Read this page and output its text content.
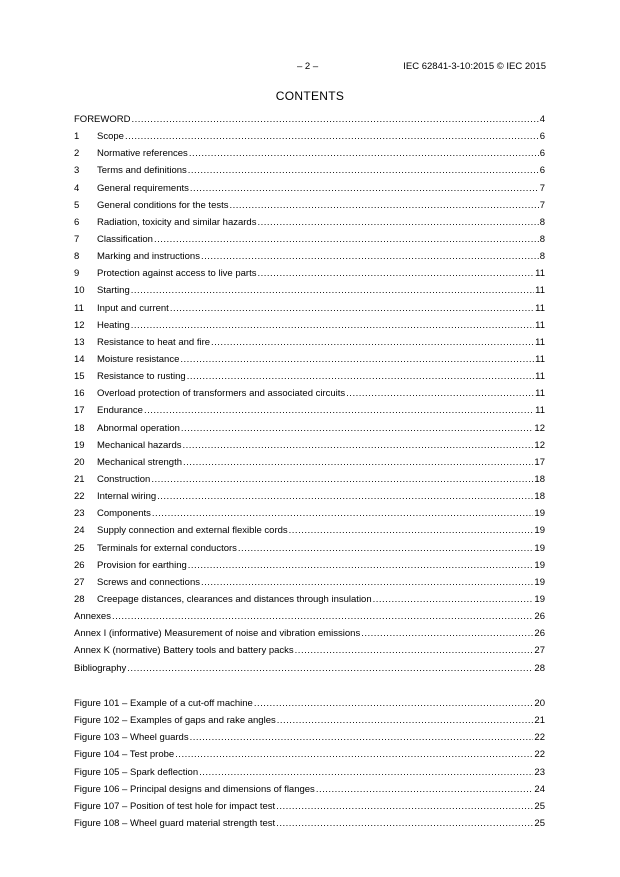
– 2 –	IEC 62841-3-10:2015 © IEC 2015
CONTENTS
FOREWORD .....	4
1	Scope .....	6
2	Normative references .....	6
3	Terms and definitions .....	6
4	General requirements .....	7
5	General conditions for the tests .....	7
6	Radiation, toxicity and similar hazards .....	8
7	Classification .....	8
8	Marking and instructions .....	8
9	Protection against access to live parts .....	11
10	Starting .....	11
11	Input and current .....	11
12	Heating .....	11
13	Resistance to heat and fire .....	11
14	Moisture resistance .....	11
15	Resistance to rusting .....	11
16	Overload protection of transformers and associated circuits .....	11
17	Endurance .....	11
18	Abnormal operation .....	12
19	Mechanical hazards .....	12
20	Mechanical strength .....	17
21	Construction .....	18
22	Internal wiring .....	18
23	Components .....	19
24	Supply connection and external flexible cords .....	19
25	Terminals for external conductors .....	19
26	Provision for earthing .....	19
27	Screws and connections .....	19
28	Creepage distances, clearances and distances through insulation .....	19
Annexes .....	26
Annex I (informative) Measurement of noise and vibration emissions .....	26
Annex K (normative) Battery tools and battery packs .....	27
Bibliography .....	28
Figure 101 – Example of a cut-off machine .....	20
Figure 102 – Examples of gaps and rake angles .....	21
Figure 103 – Wheel guards .....	22
Figure 104 – Test probe .....	22
Figure 105 – Spark deflection .....	23
Figure 106 – Principal designs and dimensions of flanges .....	24
Figure 107 – Position of test hole for impact test .....	25
Figure 108 – Wheel guard material strength test .....	25
